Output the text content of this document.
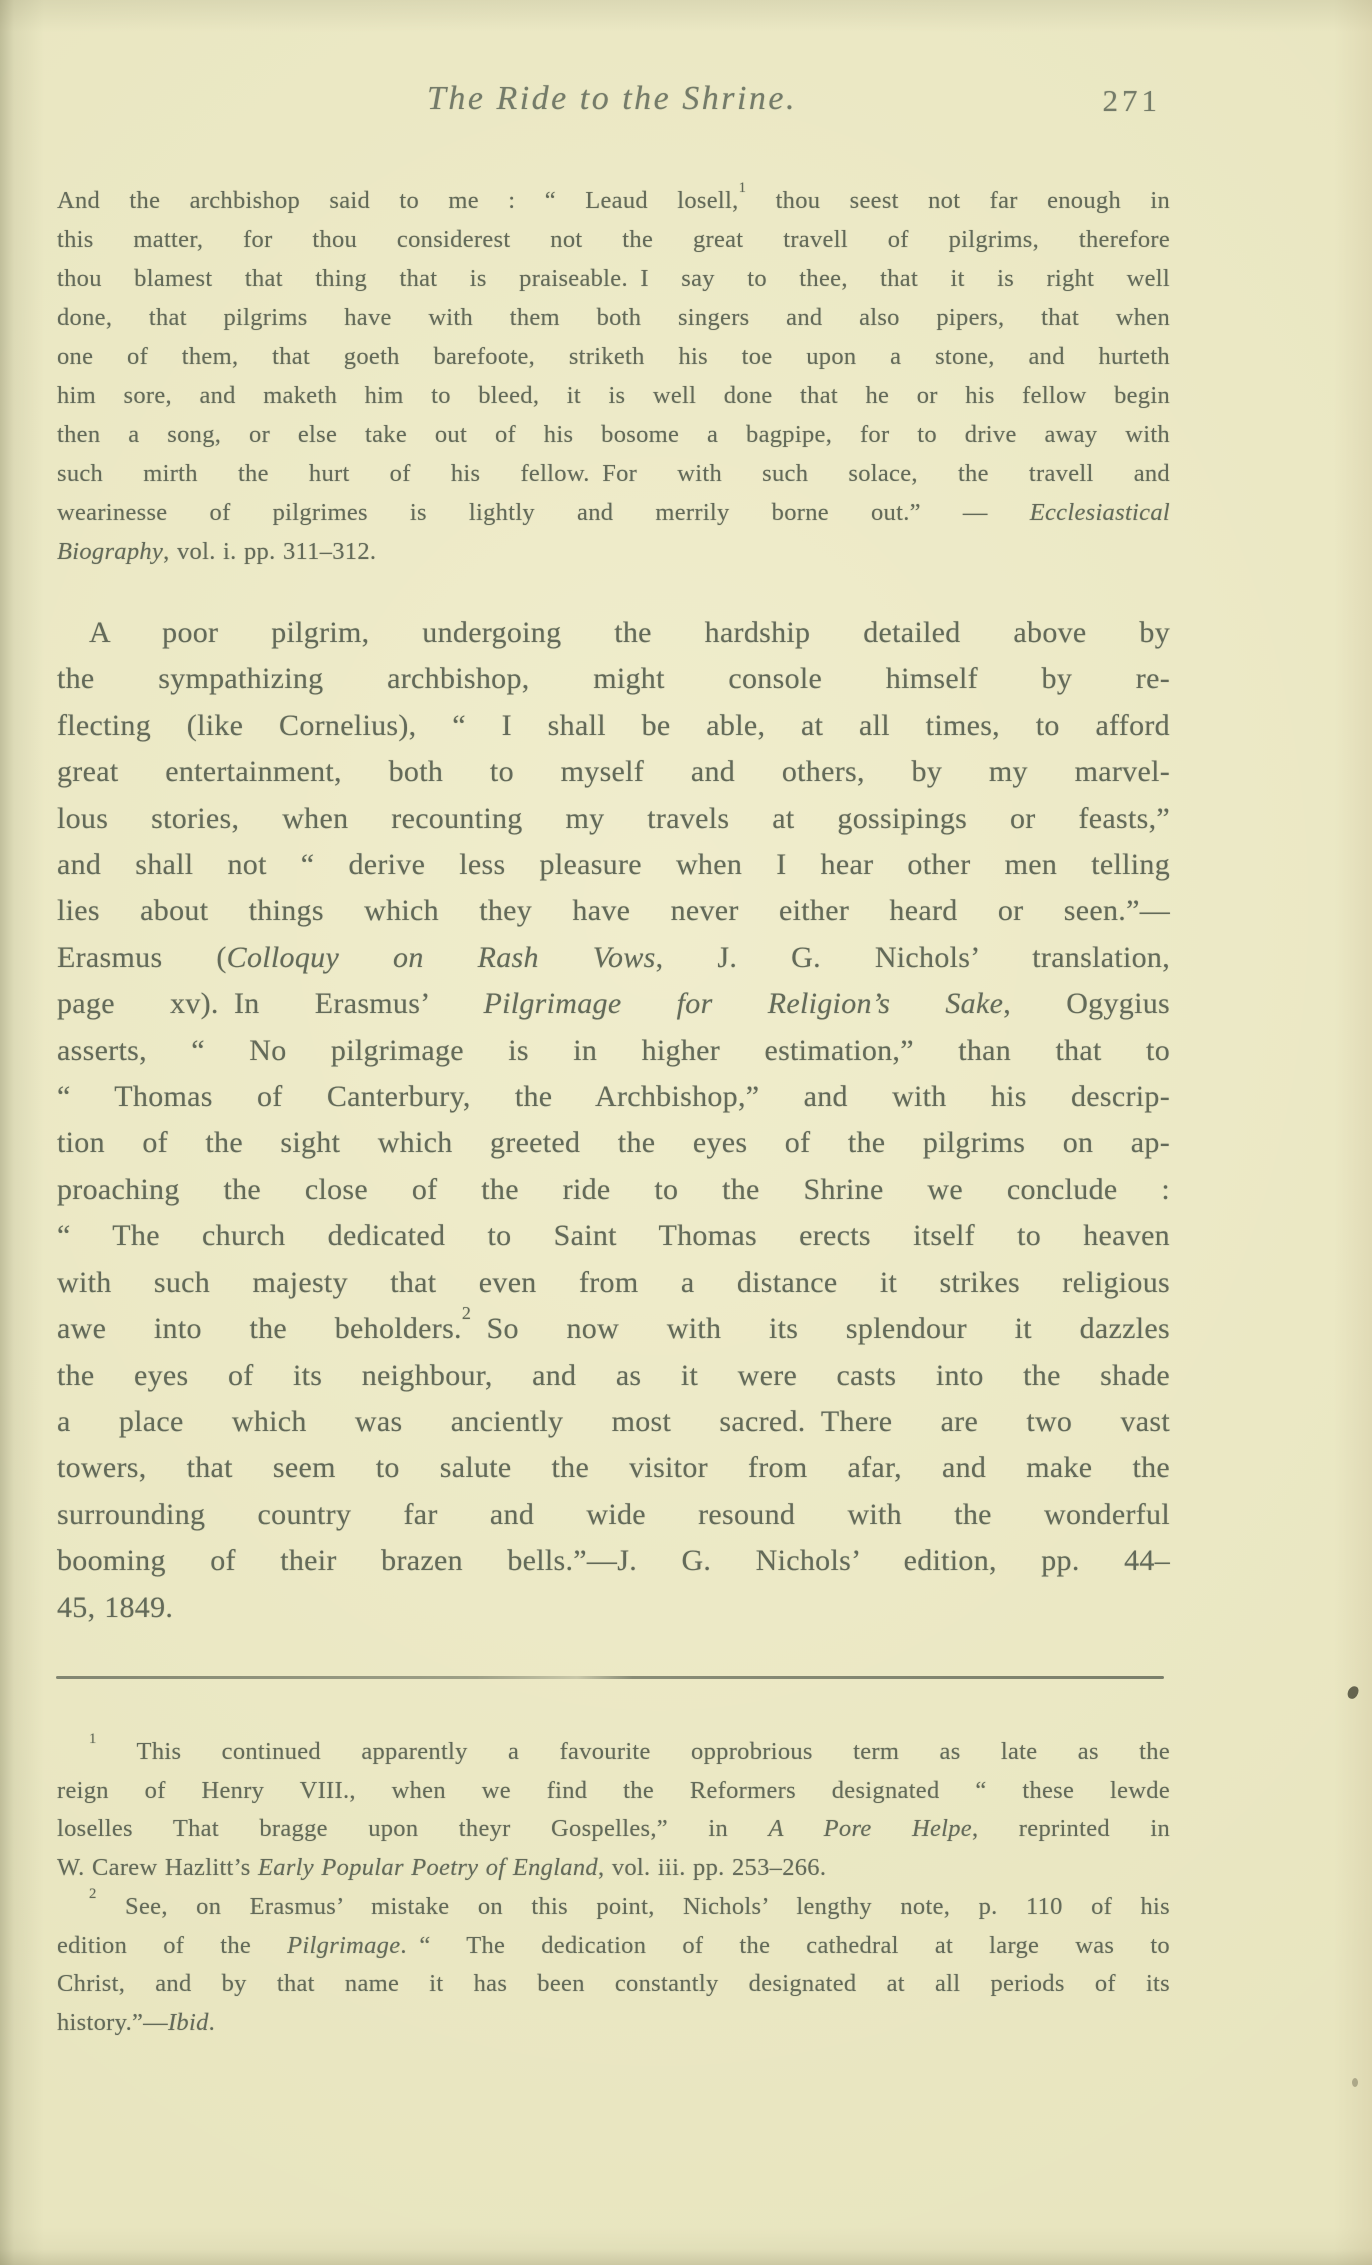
The Ride to the Shrine.	271
And the archbishop said to me : “ Leaud losell,$^1$ thou seest not far enough in
this matter, for thou considerest not the great travell of pilgrims, therefore
thou blamest that thing that is praiseable. I say to thee, that it is right well
done, that pilgrims have with them both singers and also pipers, that when
one of them, that goeth barefoote, striketh his toe upon a stone, and hurteth
him sore, and maketh him to bleed, it is well done that he or his fellow begin
then a song, or else take out of his bosome a bagpipe, for to drive away with
such mirth the hurt of his fellow. For with such solace, the travell and
wearinesse of pilgrimes is lightly and merrily borne out.” — Ecclesiastical
Biography, vol. i. pp. 311–312.
A poor pilgrim, undergoing the hardship detailed above by
the sympathizing archbishop, might console himself by re-
flecting (like Cornelius), “ I shall be able, at all times, to afford
great entertainment, both to myself and others, by my marvel-
lous stories, when recounting my travels at gossipings or feasts,”
and shall not “ derive less pleasure when I hear other men telling
lies about things which they have never either heard or seen.”—
Erasmus (Colloquy on Rash Vows, J. G. Nichols’ translation,
page xv). In Erasmus’ Pilgrimage for Religion’s Sake, Ogygius
asserts, “ No pilgrimage is in higher estimation,” than that to
“ Thomas of Canterbury, the Archbishop,” and with his descrip-
tion of the sight which greeted the eyes of the pilgrims on ap-
proaching the close of the ride to the Shrine we conclude :
“ The church dedicated to Saint Thomas erects itself to heaven
with such majesty that even from a distance it strikes religious
awe into the beholders.$^2$ So now with its splendour it dazzles
the eyes of its neighbour, and as it were casts into the shade
a place which was anciently most sacred. There are two vast
towers, that seem to salute the visitor from afar, and make the
surrounding country far and wide resound with the wonderful
booming of their brazen bells.”—J. G. Nichols’ edition, pp. 44–
45, 1849.
$^1$ This continued apparently a favourite opprobrious term as late as the
reign of Henry VIII., when we find the Reformers designated “ these lewde
loselles That bragge upon theyr Gospelles,” in A Pore Helpe, reprinted in
W. Carew Hazlitt’s Early Popular Poetry of England, vol. iii. pp. 253–266.
$^2$ See, on Erasmus’ mistake on this point, Nichols’ lengthy note, p. 110 of his
edition of the Pilgrimage. “ The dedication of the cathedral at large was to
Christ, and by that name it has been constantly designated at all periods of its
history.”—Ibid.
